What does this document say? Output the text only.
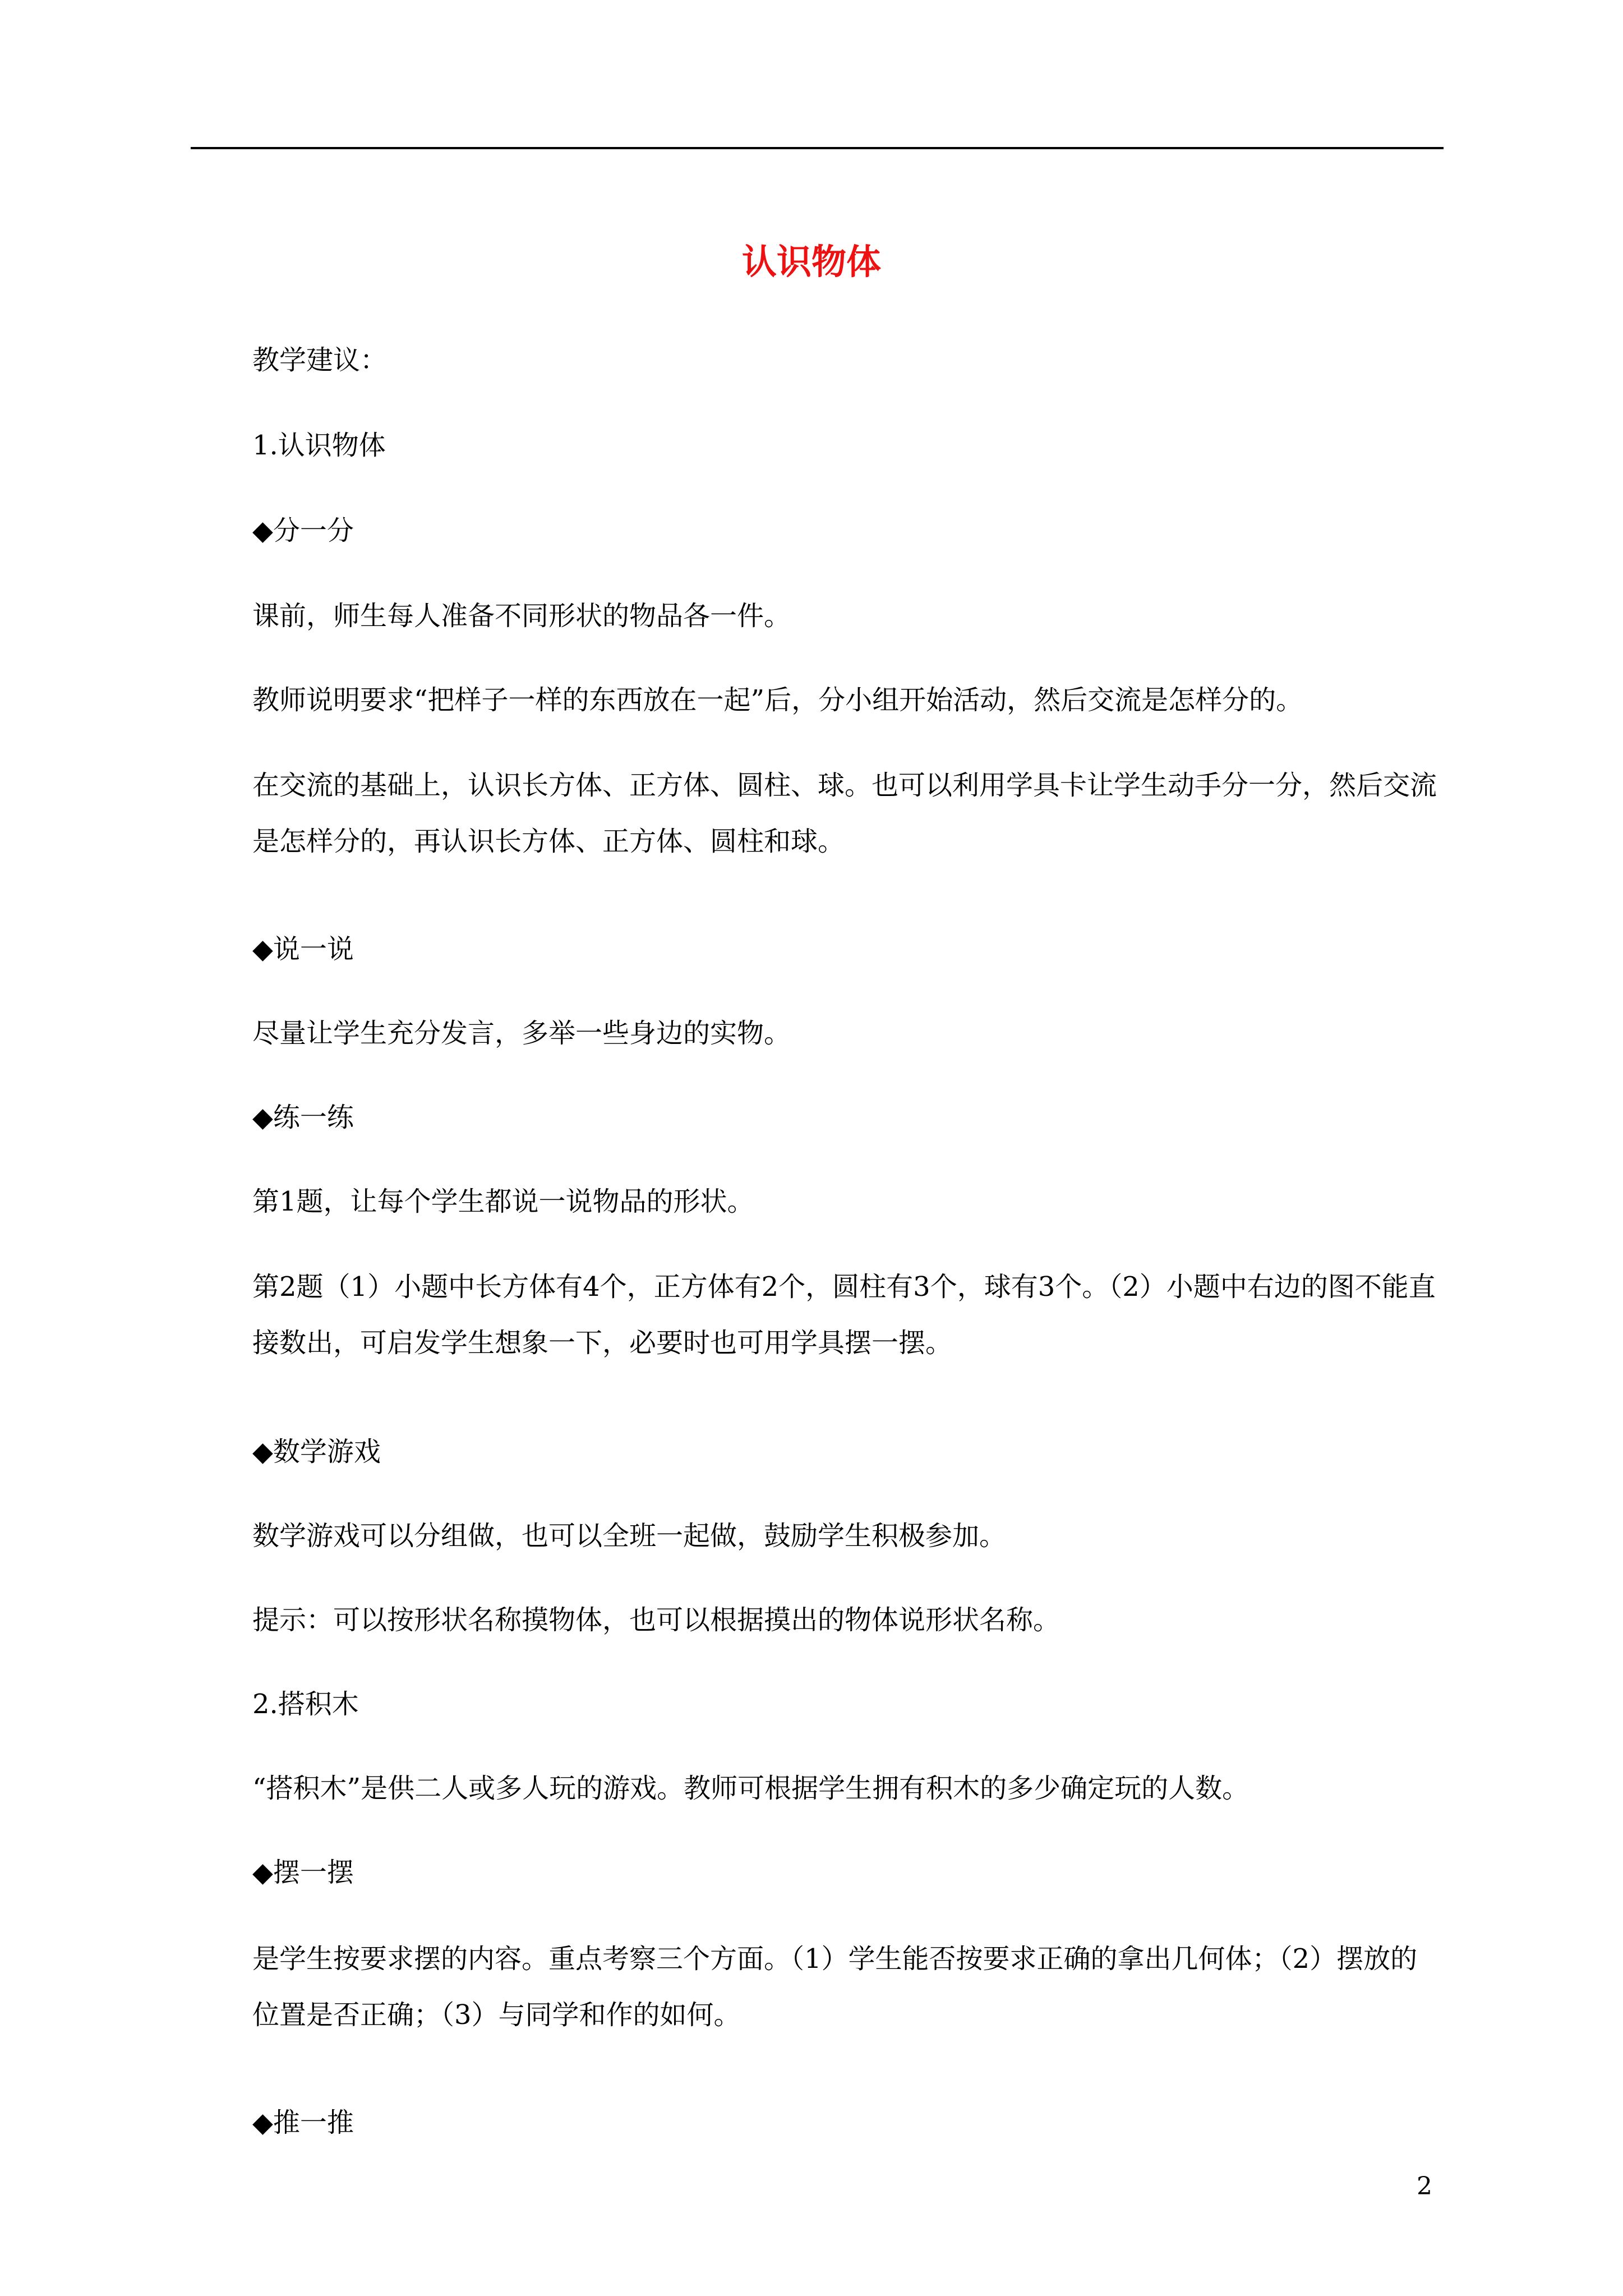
认识物体

教学建议：

1.认识物体

◆分一分

课前，师生每人准备不同形状的物品各一件。

教师说明要求“把样子一样的东西放在一起”后，分小组开始活动，然后交流是怎样分的。

在交流的基础上，认识长方体、正方体、圆柱、球。也可以利用学具卡让学生动手分一分，然后交流是怎样分的，再认识长方体、正方体、圆柱和球。

◆说一说

尽量让学生充分发言，多举一些身边的实物。

◆练一练

第1题，让每个学生都说一说物品的形状。

第2题（1）小题中长方体有4个，正方体有2个，圆柱有3个，球有3个。（2）小题中右边的图不能直接数出，可启发学生想象一下，必要时也可用学具摆一摆。

◆数学游戏

数学游戏可以分组做，也可以全班一起做，鼓励学生积极参加。

提示：可以按形状名称摸物体，也可以根据摸出的物体说形状名称。

2.搭积木

“搭积木”是供二人或多人玩的游戏。教师可根据学生拥有积木的多少确定玩的人数。

◆摆一摆

是学生按要求摆的内容。重点考察三个方面。（1）学生能否按要求正确的拿出几何体；（2）摆放的位置是否正确；（3）与同学和作的如何。

◆推一推

2
